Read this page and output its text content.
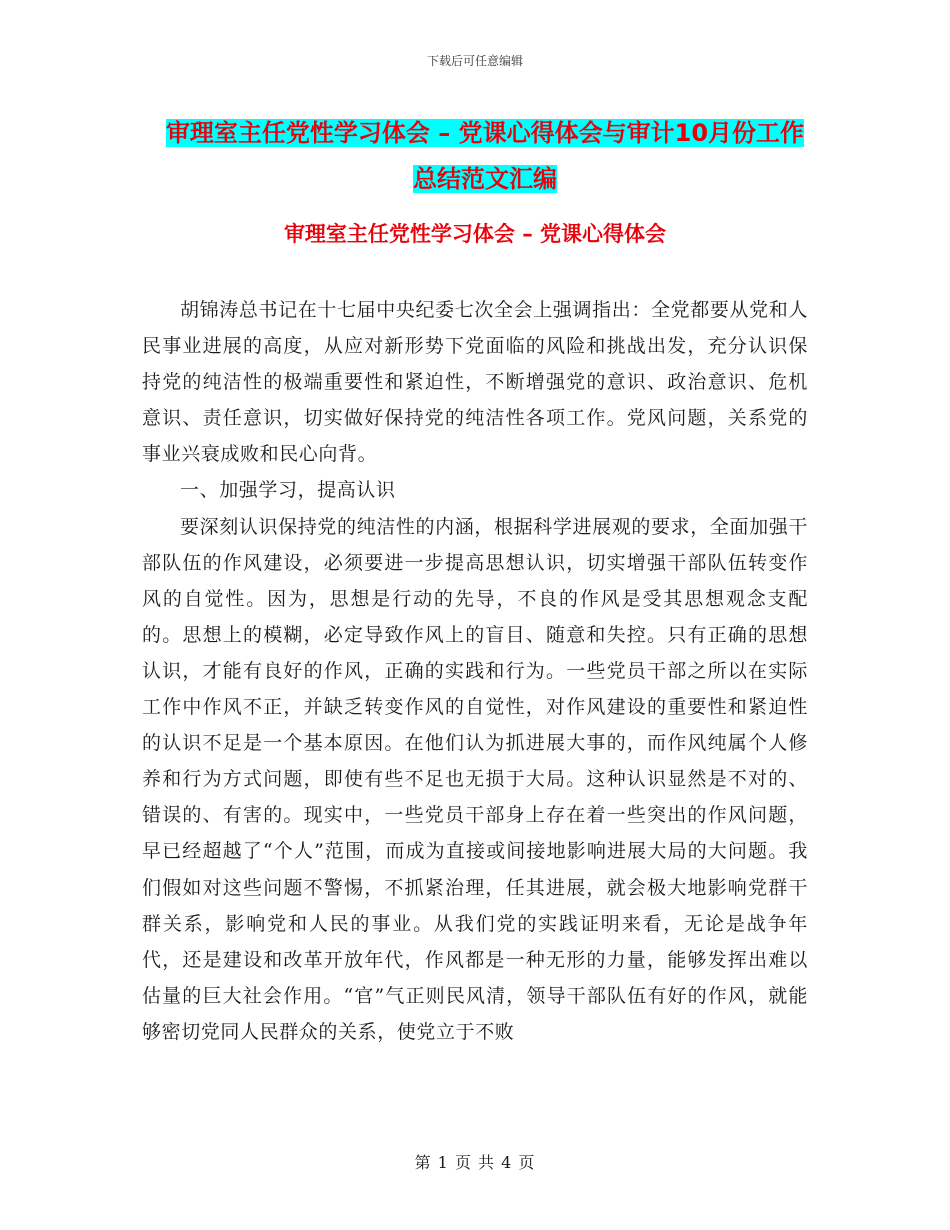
下载后可任意编辑
审理室主任党性学习体会 – 党课心得体会与审计10月份工作总结范文汇编
审理室主任党性学习体会 – 党课心得体会

胡锦涛总书记在十七届中央纪委七次全会上强调指出：全党都要从党和人民事业进展的高度，从应对新形势下党面临的风险和挑战出发，充分认识保持党的纯洁性的极端重要性和紧迫性，不断增强党的意识、政治意识、危机意识、责任意识，切实做好保持党的纯洁性各项工作。党风问题，关系党的事业兴衰成败和民心向背。

一、加强学习，提高认识

要深刻认识保持党的纯洁性的内涵，根据科学进展观的要求，全面加强干部队伍的作风建设，必须要进一步提高思想认识，切实增强干部队伍转变作风的自觉性。因为，思想是行动的先导，不良的作风是受其思想观念支配的。思想上的模糊，必定导致作风上的盲目、随意和失控。只有正确的思想认识，才能有良好的作风，正确的实践和行为。一些党员干部之所以在实际工作中作风不正，并缺乏转变作风的自觉性，对作风建设的重要性和紧迫性的认识不足是一个基本原因。在他们认为抓进展大事的，而作风纯属个人修养和行为方式问题，即使有些不足也无损于大局。这种认识显然是不对的、错误的、有害的。现实中，一些党员干部身上存在着一些突出的作风问题，早已经超越了“个人”范围，而成为直接或间接地影响进展大局的大问题。我们假如对这些问题不警惕，不抓紧治理，任其进展，就会极大地影响党群干群关系，影响党和人民的事业。从我们党的实践证明来看，无论是战争年代，还是建设和改革开放年代，作风都是一种无形的力量，能够发挥出难以估量的巨大社会作用。“官”气正则民风清，领导干部队伍有好的作风，就能够密切党同人民群众的关系，使党立于不败

第 1 页 共 4 页
